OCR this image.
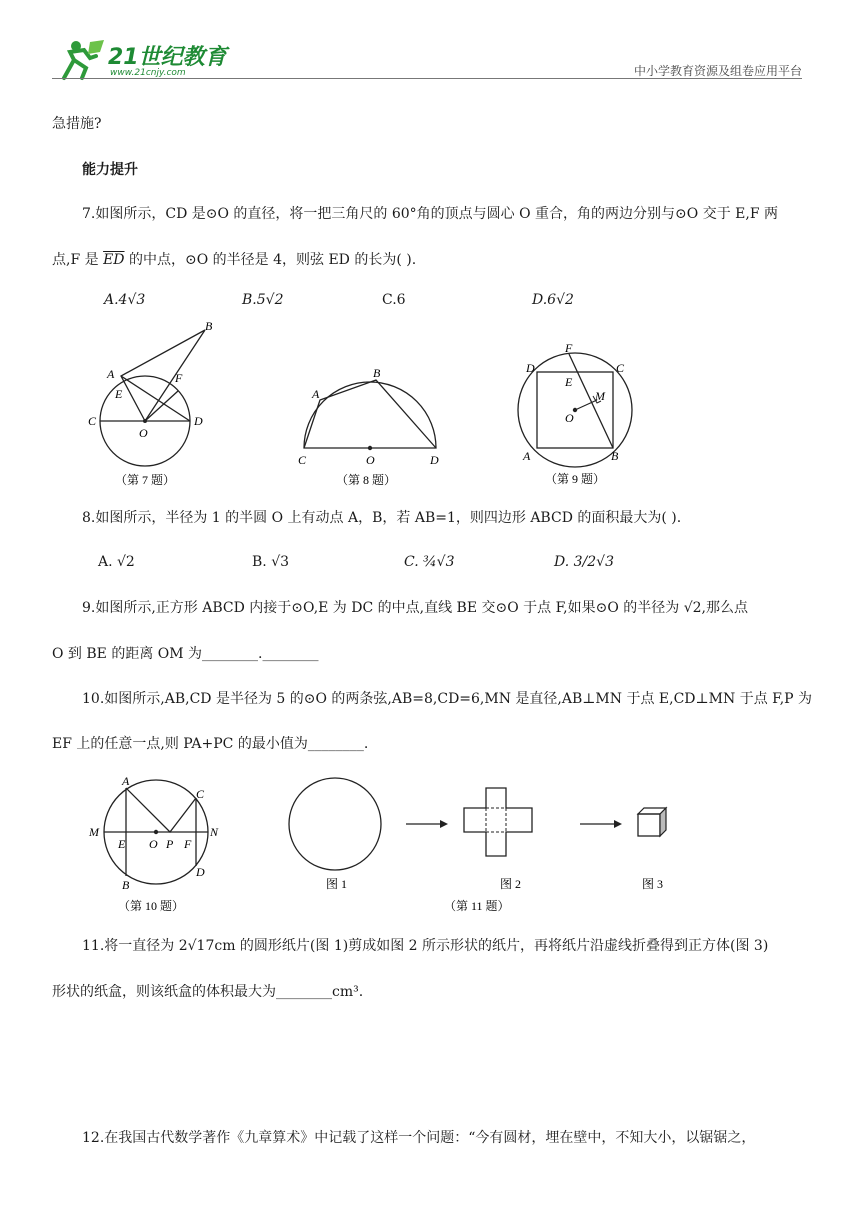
21世纪教育
www.21cnjy.com	中小学教育资源及组卷应用平台
急措施?
能力提升
7.如图所示，CD 是⊙O 的直径，将一把三角尺的 60°角的顶点与圆心 O 重合，角的两边分别与⊙O 交于 E,F 两
点,F 是 $\overline{ED}$ 的中点，⊙O 的半径是 4，则弦 ED 的长为( ).
A.4√3	B.5√2	C.6	D.6√2
A
B
C	D
E
F
O
（第 7 题）
A
B
C	D
O
（第 8 题）
A	B
C
D
E
F
M
O
（第 9 题）
8.如图所示，半径为 1 的半圆 O 上有动点 A，B，若 AB=1，则四边形 ABCD 的面积最大为( ).
A. √2	B. √3	C. ¾√3	D. 3/2√3
9.如图所示,正方形 ABCD 内接于⊙O,E 为 DC 的中点,直线 BE 交⊙O 于点 F,如果⊙O 的半径为 √2,那么点
O 到 BE 的距离 OM 为________.________
10.如图所示,AB,CD 是半径为 5 的⊙O 的两条弦,AB=8,CD=6,MN 是直径,AB⊥MN 于点 E,CD⊥MN 于点 F,P 为
EF 上的任意一点,则 PA+PC 的最小值为________.
A
B
C
D
E	F
M	N
O P
（第 10 题）
图 1	图 2	图 3
（第 11 题）
11.将一直径为 2√17cm 的圆形纸片(图 1)剪成如图 2 所示形状的纸片，再将纸片沿虚线折叠得到正方体(图 3)
形状的纸盒，则该纸盒的体积最大为________cm³.
12.在我国古代数学著作《九章算术》中记载了这样一个问题：“今有圆材，埋在壁中，不知大小，以锯锯之，
